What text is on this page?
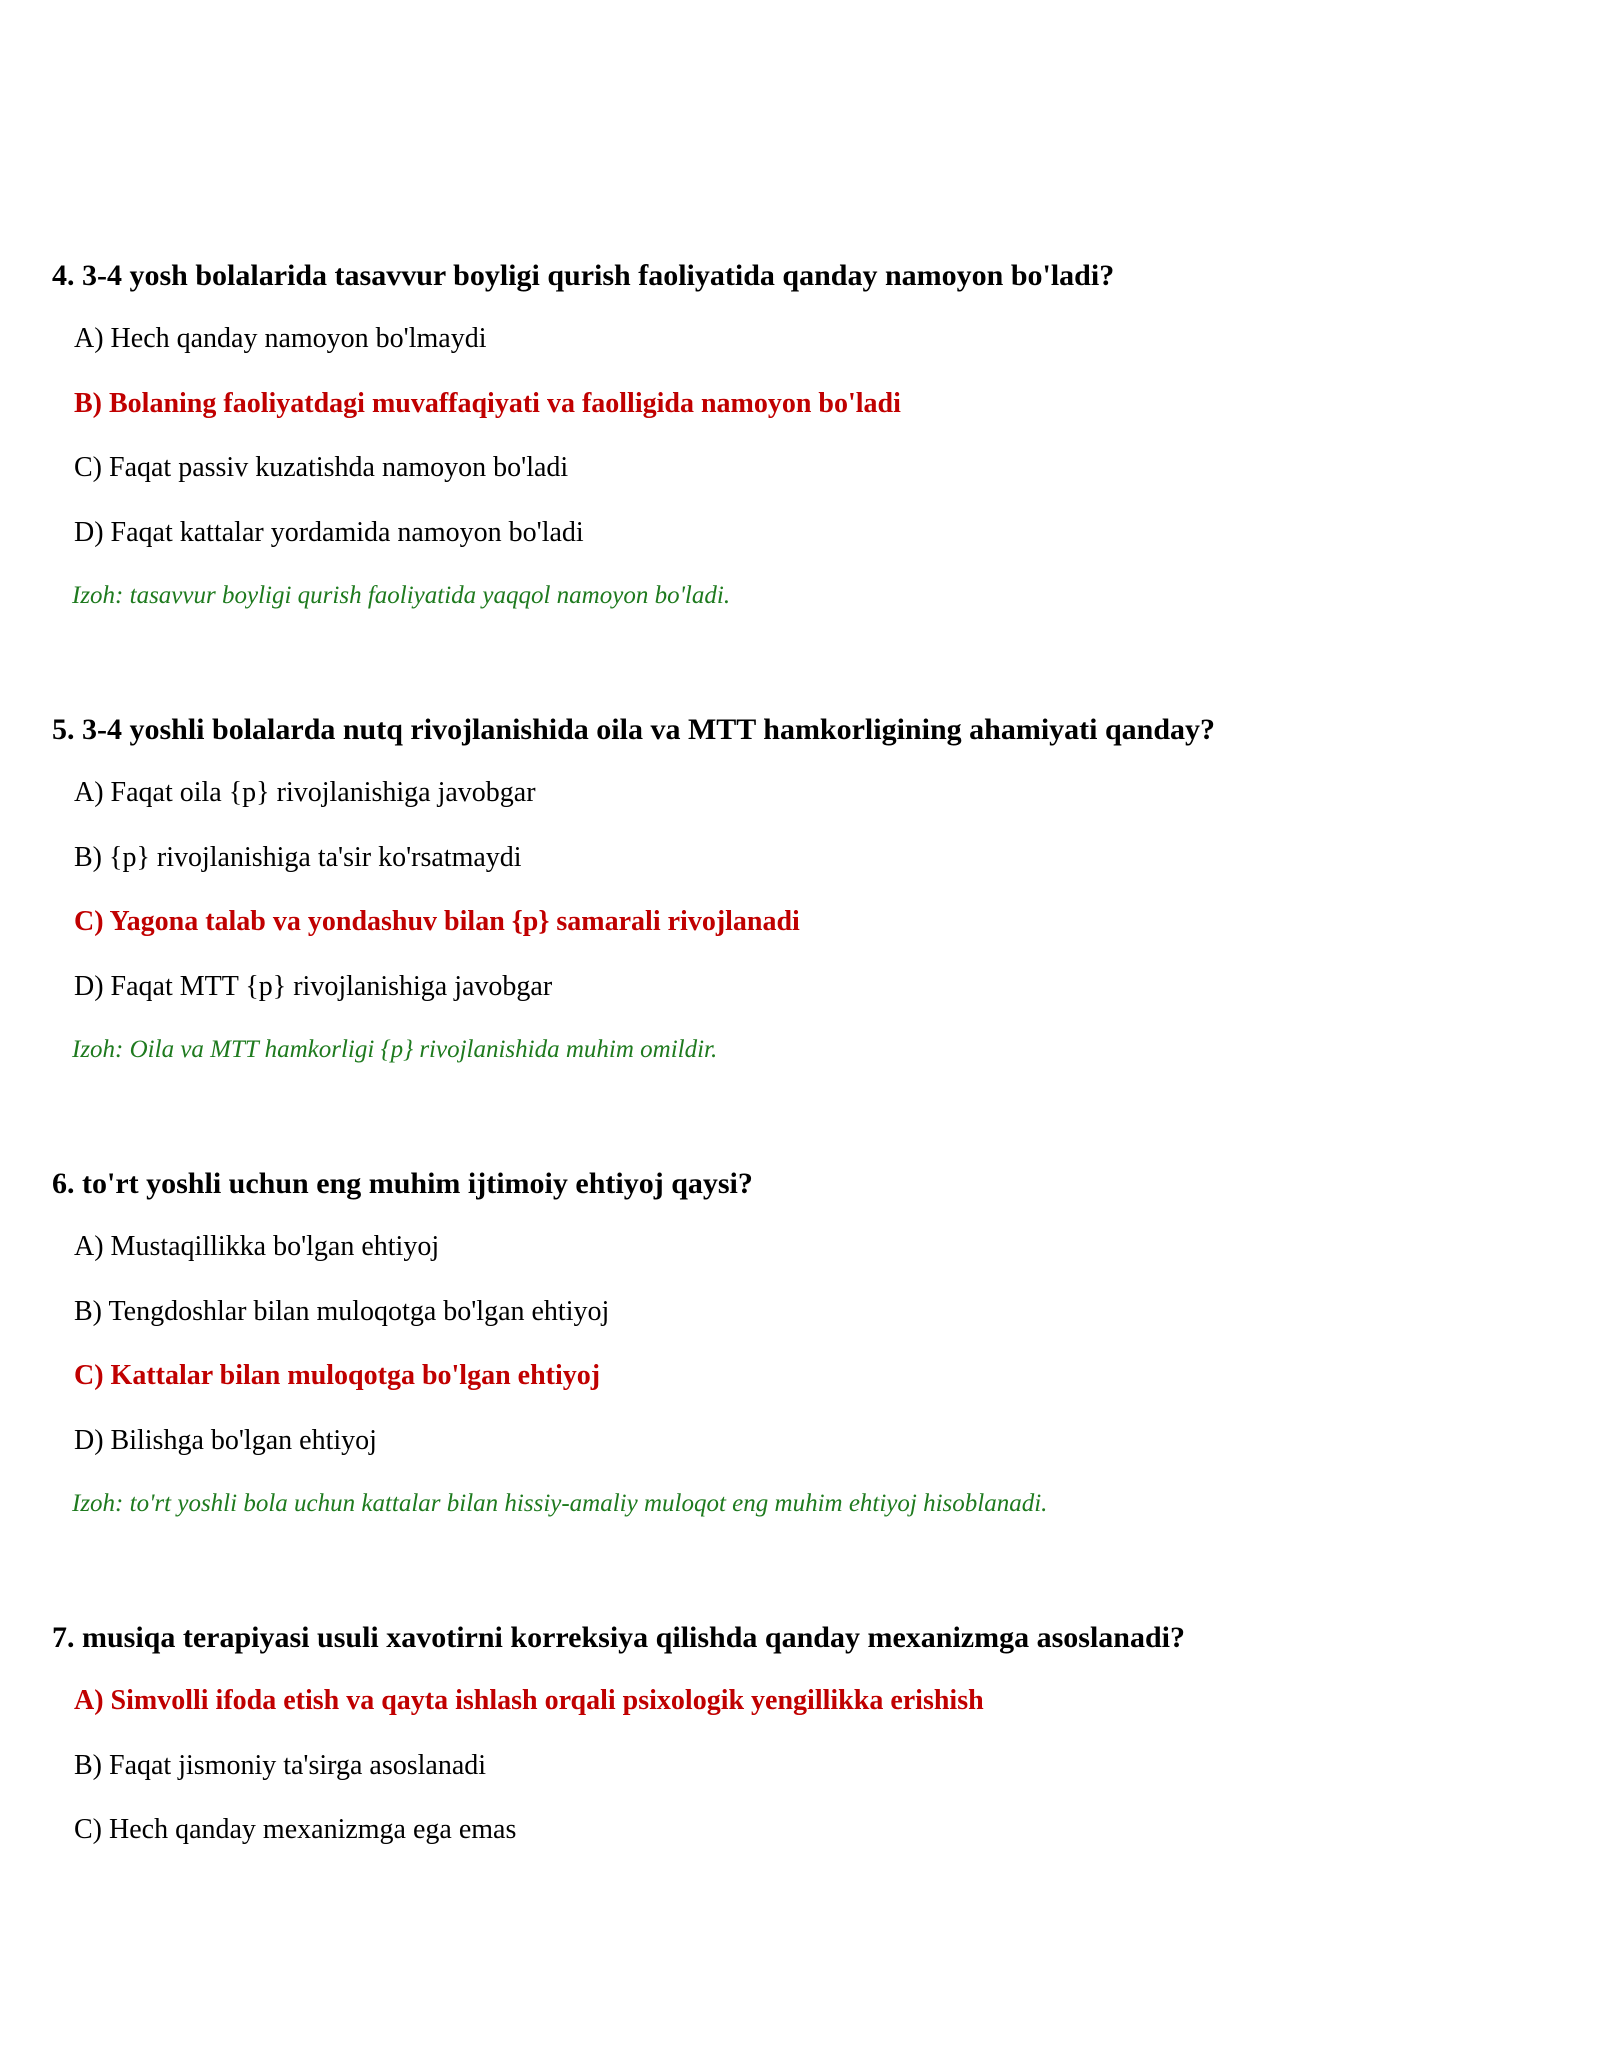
4. 3-4 yosh bolalarida tasavvur boyligi qurish faoliyatida qanday namoyon bo'ladi?

A) Hech qanday namoyon bo'lmaydi

B) Bolaning faoliyatdagi muvaffaqiyati va faolligida namoyon bo'ladi

C) Faqat passiv kuzatishda namoyon bo'ladi

D) Faqat kattalar yordamida namoyon bo'ladi

Izoh: tasavvur boyligi qurish faoliyatida yaqqol namoyon bo'ladi.

5. 3-4 yoshli bolalarda nutq rivojlanishida oila va MTT hamkorligining ahamiyati qanday?

A) Faqat oila {p} rivojlanishiga javobgar

B) {p} rivojlanishiga ta'sir ko'rsatmaydi

C) Yagona talab va yondashuv bilan {p} samarali rivojlanadi

D) Faqat MTT {p} rivojlanishiga javobgar

Izoh: Oila va MTT hamkorligi {p} rivojlanishida muhim omildir.

6. to'rt yoshli uchun eng muhim ijtimoiy ehtiyoj qaysi?

A) Mustaqillikka bo'lgan ehtiyoj

B) Tengdoshlar bilan muloqotga bo'lgan ehtiyoj

C) Kattalar bilan muloqotga bo'lgan ehtiyoj

D) Bilishga bo'lgan ehtiyoj

Izoh: to'rt yoshli bola uchun kattalar bilan hissiy-amaliy muloqot eng muhim ehtiyoj hisoblanadi.

7. musiqa terapiyasi usuli xavotirni korreksiya qilishda qanday mexanizmga asoslanadi?

A) Simvolli ifoda etish va qayta ishlash orqali psixologik yengillikka erishish

B) Faqat jismoniy ta'sirga asoslanadi

C) Hech qanday mexanizmga ega emas
